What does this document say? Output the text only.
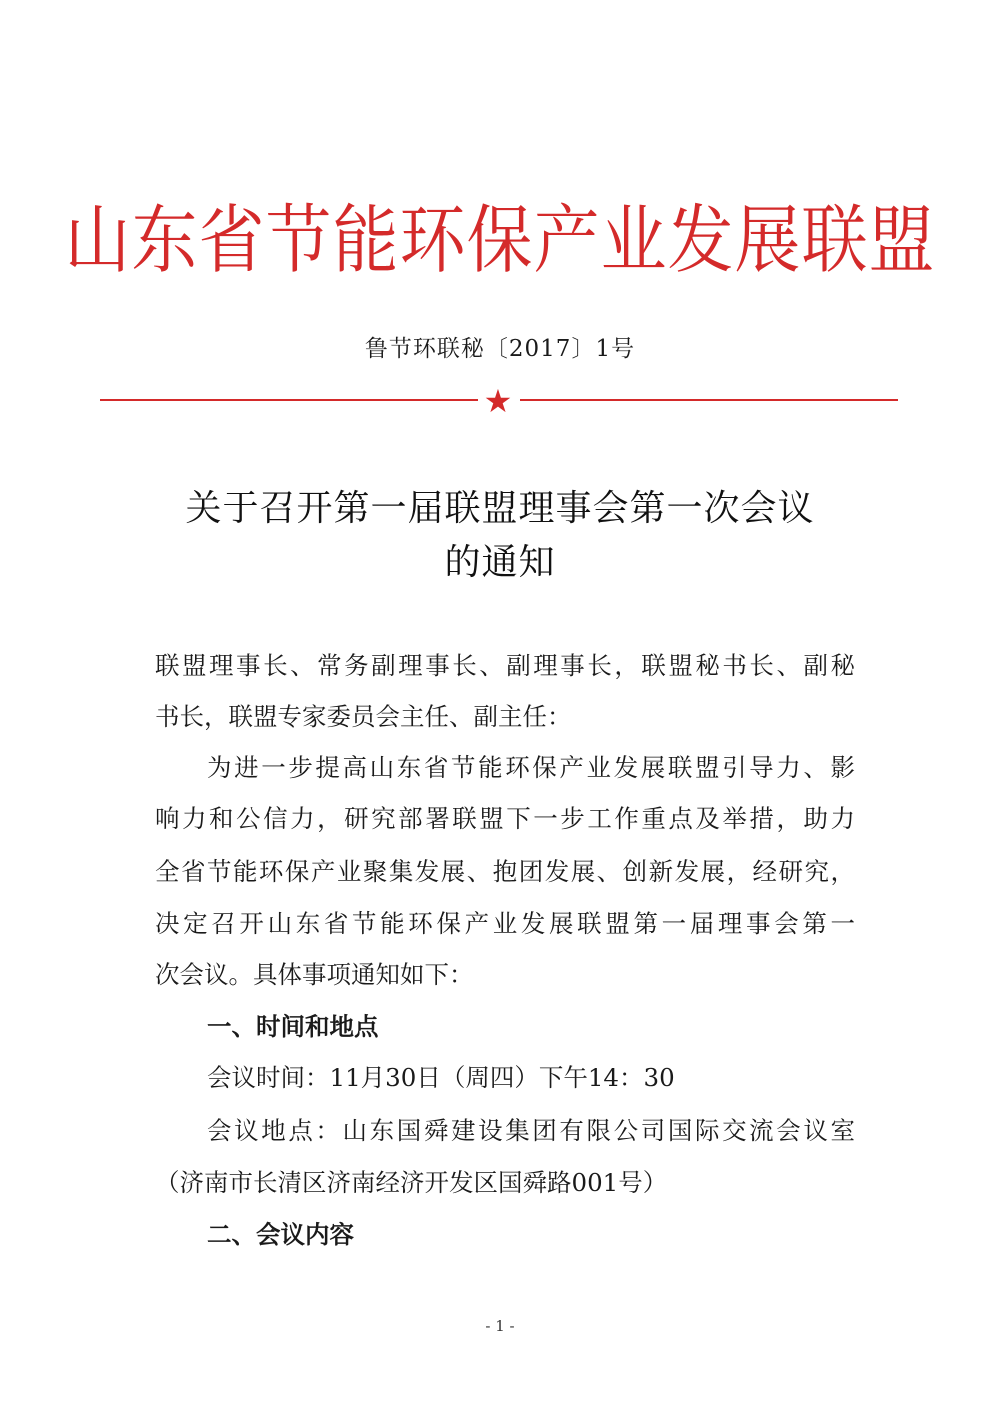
山东省节能环保产业发展联盟
鲁节环联秘〔2017〕1号
★
关于召开第一届联盟理事会第一次会议
的通知
联盟理事长、常务副理事长、副理事长，联盟秘书长、副秘
书长，联盟专家委员会主任、副主任：
为进一步提高山东省节能环保产业发展联盟引导力、影
响力和公信力，研究部署联盟下一步工作重点及举措，助力
全省节能环保产业聚集发展、抱团发展、创新发展，经研究，
决定召开山东省节能环保产业发展联盟第一届理事会第一
次会议。具体事项通知如下：
一、时间和地点
会议时间：11月30日（周四）下午14：30
会议地点：山东国舜建设集团有限公司国际交流会议室
（济南市长清区济南经济开发区国舜路001号）
二、会议内容
- 1 -
